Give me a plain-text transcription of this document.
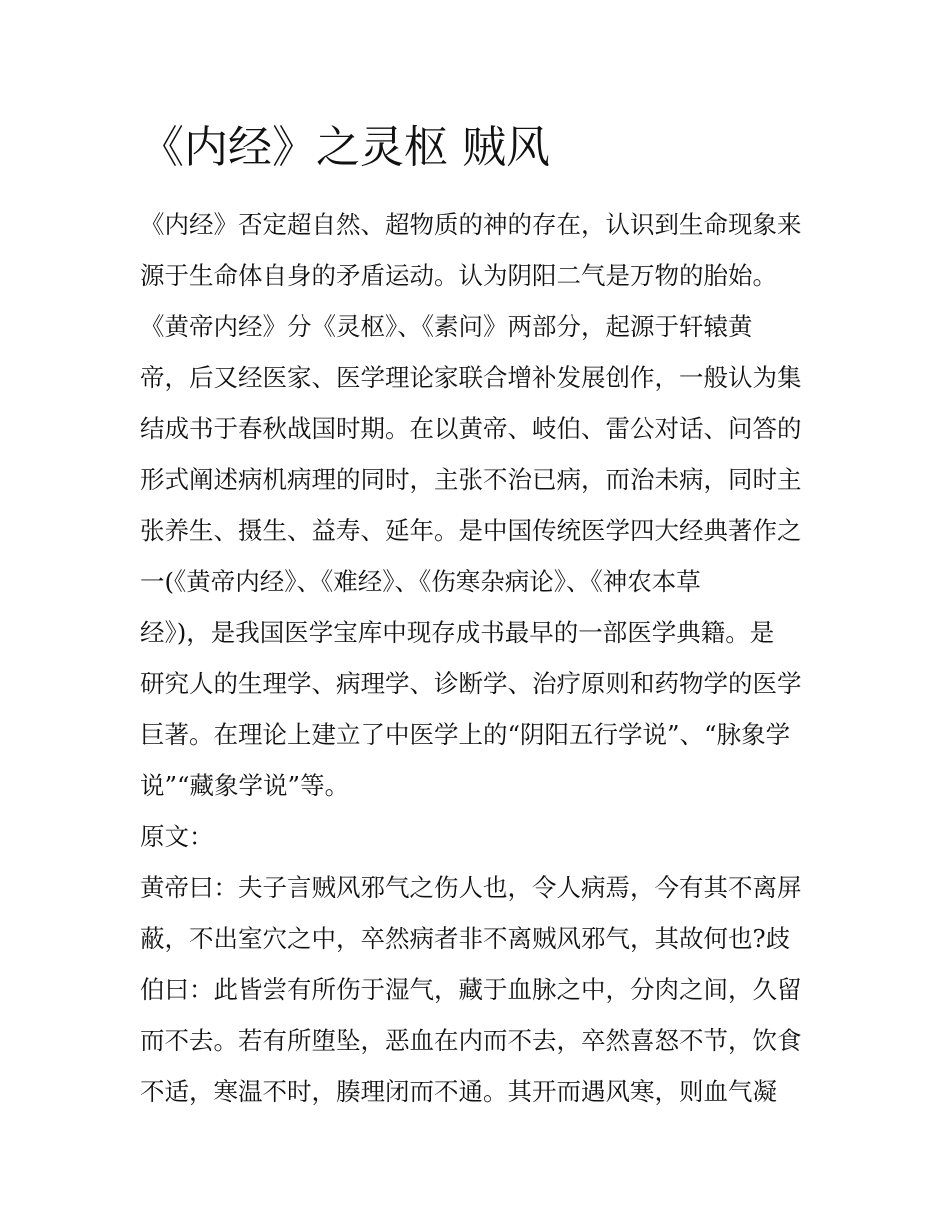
《内经》之灵枢 贼风
《内经》否定超自然、超物质的神的存在，认识到生命现象来
源于生命体自身的矛盾运动。认为阴阳二气是万物的胎始。
《黄帝内经》分《灵枢》、《素问》两部分，起源于轩辕黄
帝，后又经医家、医学理论家联合增补发展创作，一般认为集
结成书于春秋战国时期。在以黄帝、岐伯、雷公对话、问答的
形式阐述病机病理的同时，主张不治已病，而治未病，同时主
张养生、摄生、益寿、延年。是中国传统医学四大经典著作之
一(《黄帝内经》、《难经》、《伤寒杂病论》、《神农本草
经》)，是我国医学宝库中现存成书最早的一部医学典籍。是
研究人的生理学、病理学、诊断学、治疗原则和药物学的医学
巨著。在理论上建立了中医学上的“阴阳五行学说”、“脉象学
说”“藏象学说”等。
原文：
黄帝曰：夫子言贼风邪气之伤人也，令人病焉，今有其不离屏
蔽，不出室穴之中，卒然病者非不离贼风邪气，其故何也?歧
伯曰：此皆尝有所伤于湿气，藏于血脉之中，分肉之间，久留
而不去。若有所堕坠，恶血在内而不去，卒然喜怒不节，饮食
不适，寒温不时，腠理闭而不通。其开而遇风寒，则血气凝
